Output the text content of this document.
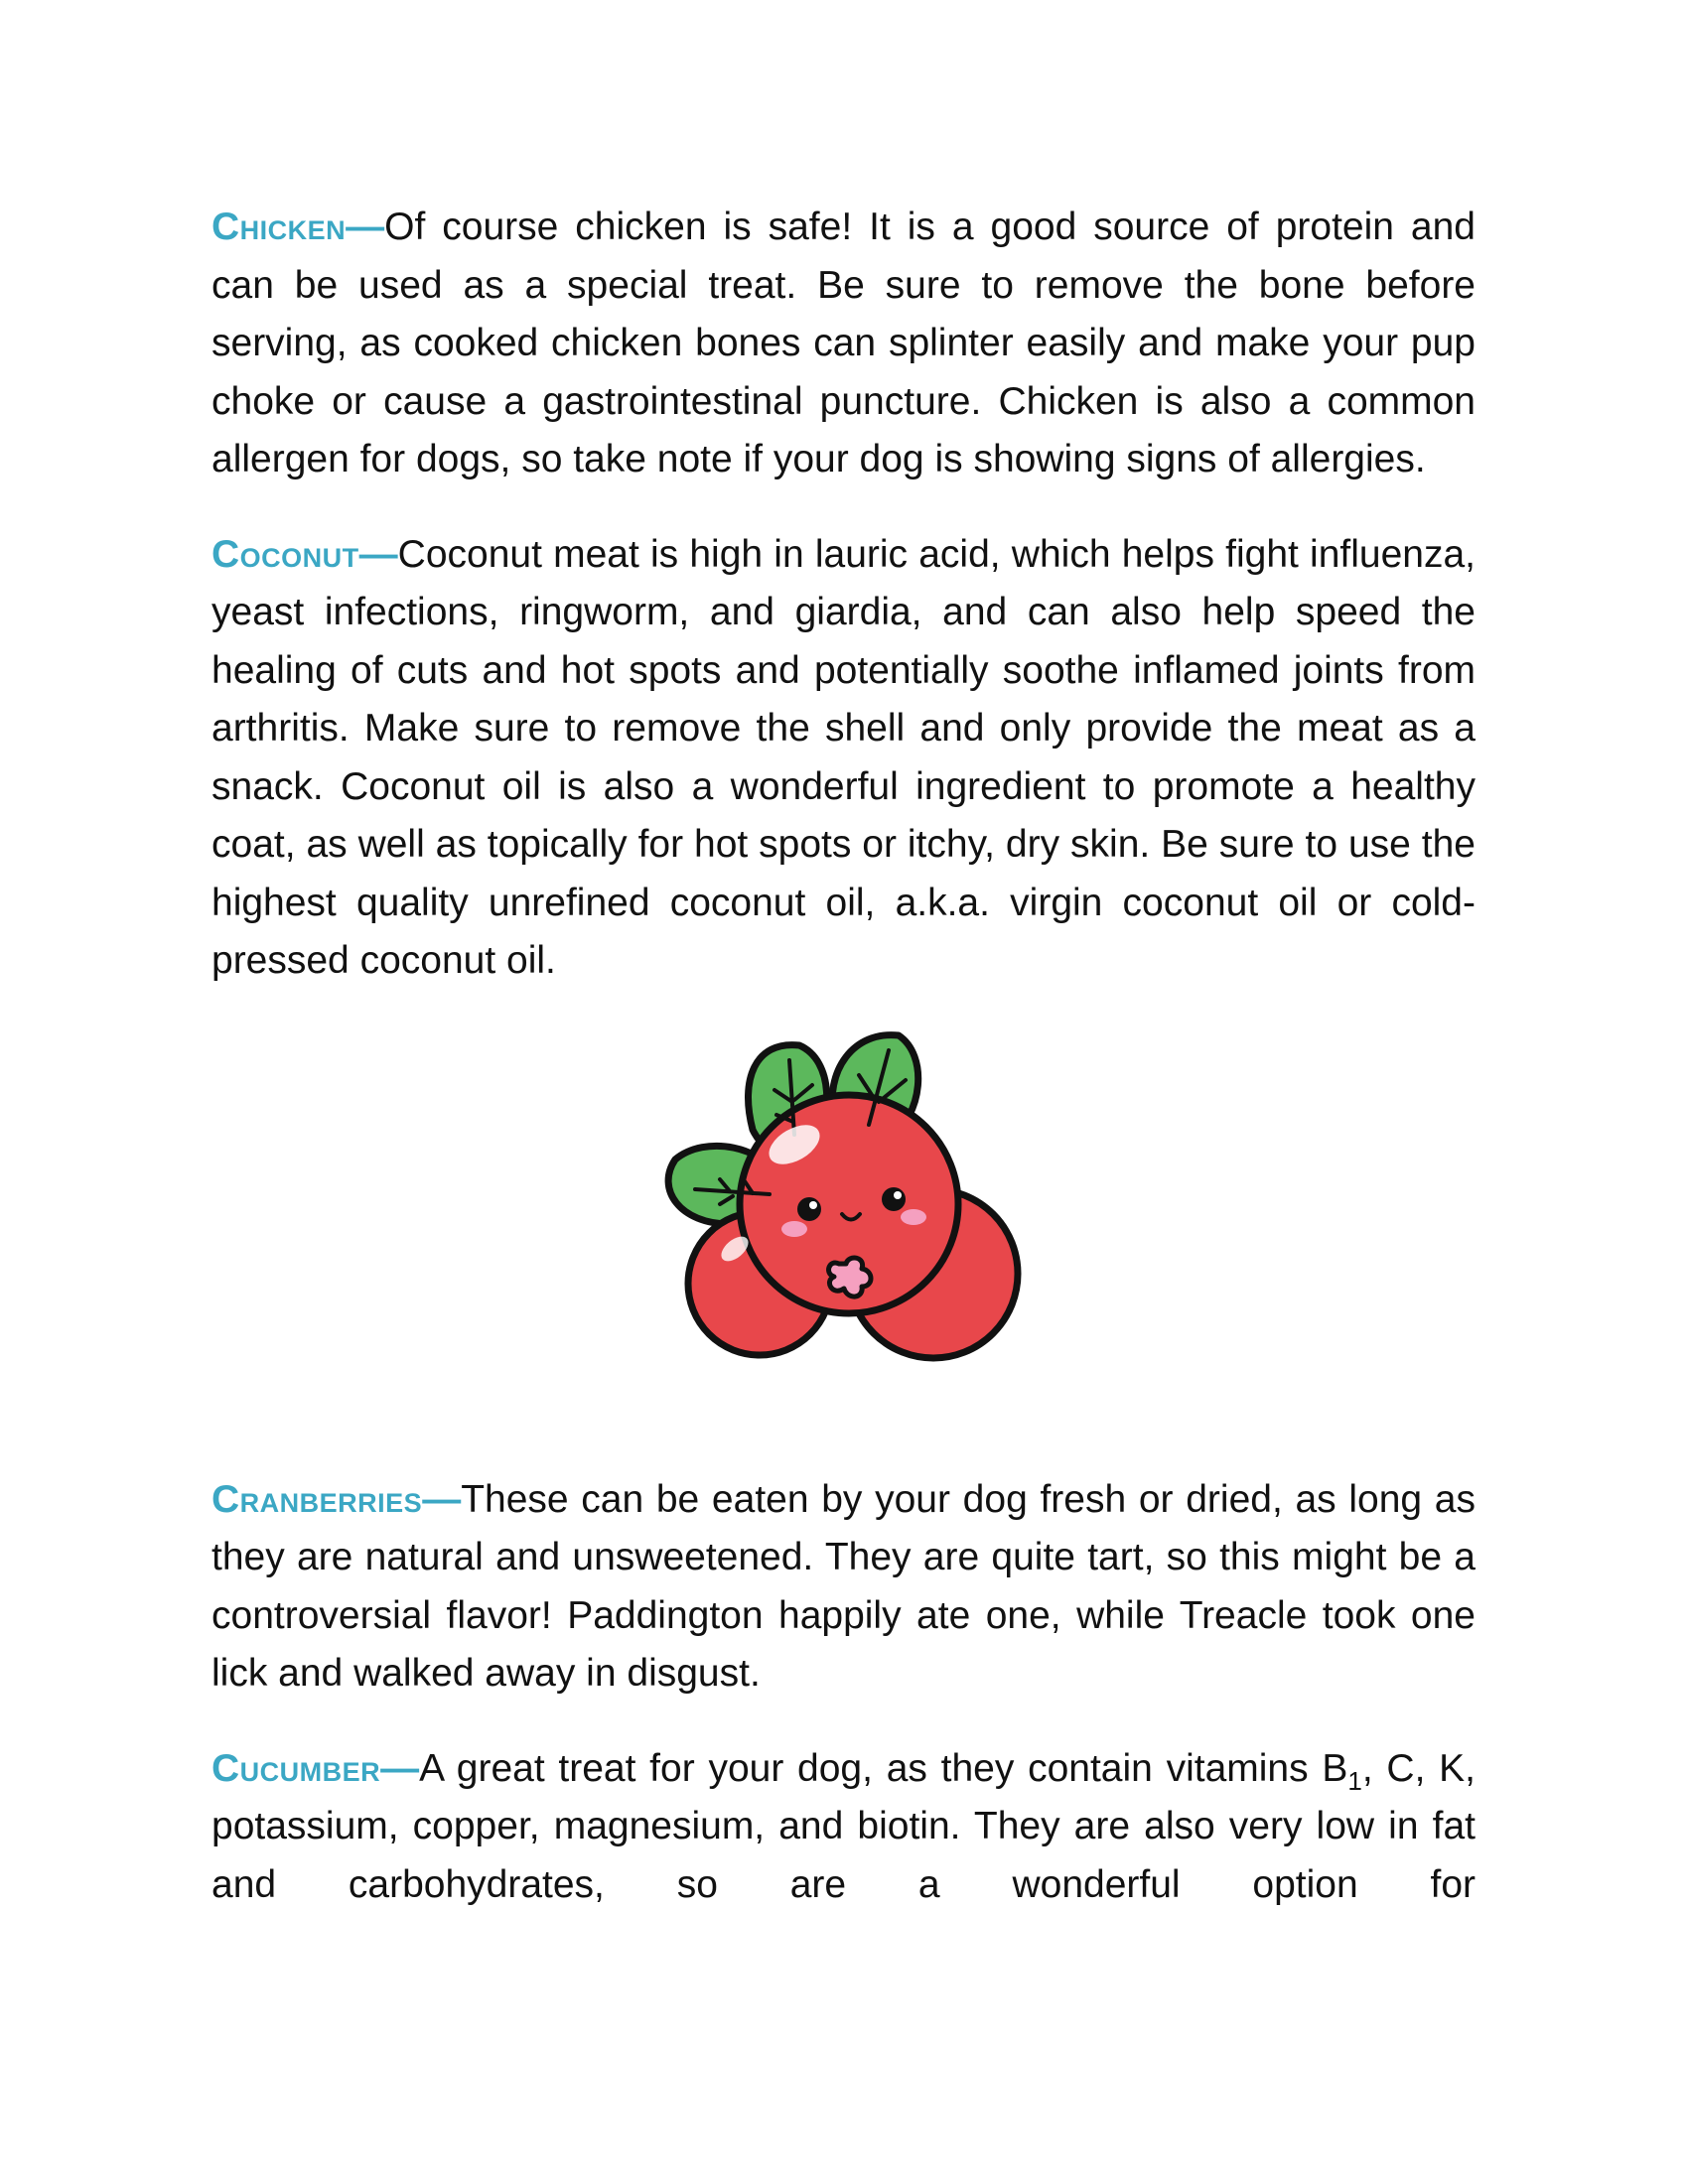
Chicken—Of course chicken is safe! It is a good source of protein and can be used as a special treat. Be sure to remove the bone before serving, as cooked chicken bones can splinter easily and make your pup choke or cause a gastrointestinal puncture. Chicken is also a common allergen for dogs, so take note if your dog is showing signs of allergies.

Coconut—Coconut meat is high in lauric acid, which helps fight influenza, yeast infections, ringworm, and giardia, and can also help speed the healing of cuts and hot spots and potentially soothe inflamed joints from arthritis. Make sure to remove the shell and only provide the meat as a snack. Coconut oil is also a wonderful ingredient to promote a healthy coat, as well as topically for hot spots or itchy, dry skin. Be sure to use the highest quality unrefined coconut oil, a.k.a. virgin coconut oil or cold-pressed coconut oil.

Cranberries—These can be eaten by your dog fresh or dried, as long as they are natural and unsweetened. They are quite tart, so this might be a controversial flavor! Paddington happily ate one, while Treacle took one lick and walked away in disgust.

Cucumber—A great treat for your dog, as they contain vitamins $B_1$, C, K, potassium, copper, magnesium, and biotin. They are also very low in fat and carbohydrates, so are a wonderful option for
